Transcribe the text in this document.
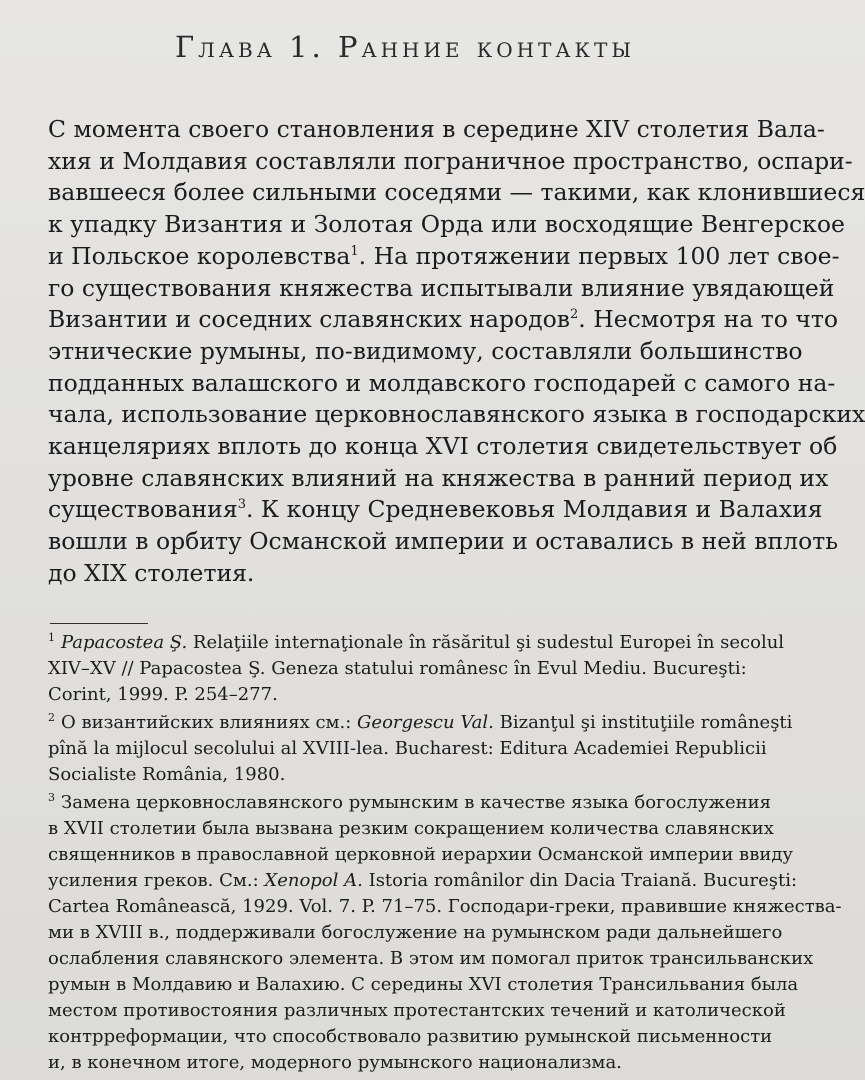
Глава 1. Ранние контакты
С момента своего становления в середине XIV столетия Вала-
хия и Молдавия составляли пограничное пространство, оспари-
вавшееся более сильными соседями — такими, как клонившиеся
к упадку Византия и Золотая Орда или восходящие Венгерское
и Польское королевства$^1$. На протяжении первых 100 лет свое-
го существования княжества испытывали влияние увядающей
Византии и соседних славянских народов$^2$. Несмотря на то что
этнические румыны, по-видимому, составляли большинство
подданных валашского и молдавского господарей с самого на-
чала, использование церковнославянского языка в господарских
канцеляриях вплоть до конца XVI столетия свидетельствует об
уровне славянских влияний на княжества в ранний период их
существования$^3$. К концу Средневековья Молдавия и Валахия
вошли в орбиту Османской империи и оставались в ней вплоть
до XIX столетия.
$^1$ Papacostea Ş. Relaţiile internaţionale în răsăritul şi sudestul Europei în secolul
XIV–XV // Papacostea Ş. Geneza statului românesc în Evul Mediu. Bucureşti:
Corint, 1999. P. 254–277.
$^2$ О византийских влияниях см.: Georgescu Val. Bizanţul şi instituţiile româneşti
pînă la mijlocul secolului al XVIII-lea. Bucharest: Editura Academiei Republicii
Socialiste România, 1980.
$^3$ Замена церковнославянского румынским в качестве языка богослужения
в XVII столетии была вызвана резким сокращением количества славянских
священников в православной церковной иерархии Османской империи ввиду
усиления греков. См.: Xenopol A. Istoria românilor din Dacia Traiană. Bucureşti:
Cartea Românească, 1929. Vol. 7. P. 71–75. Господари-греки, правившие княжества-
ми в XVIII в., поддерживали богослужение на румынском ради дальнейшего
ослабления славянского элемента. В этом им помогал приток трансильванских
румын в Молдавию и Валахию. С середины XVI столетия Трансильвания была
местом противостояния различных протестантских течений и католической
контрреформации, что способствовало развитию румынской письменности
и, в конечном итоге, модерного румынского национализма.
